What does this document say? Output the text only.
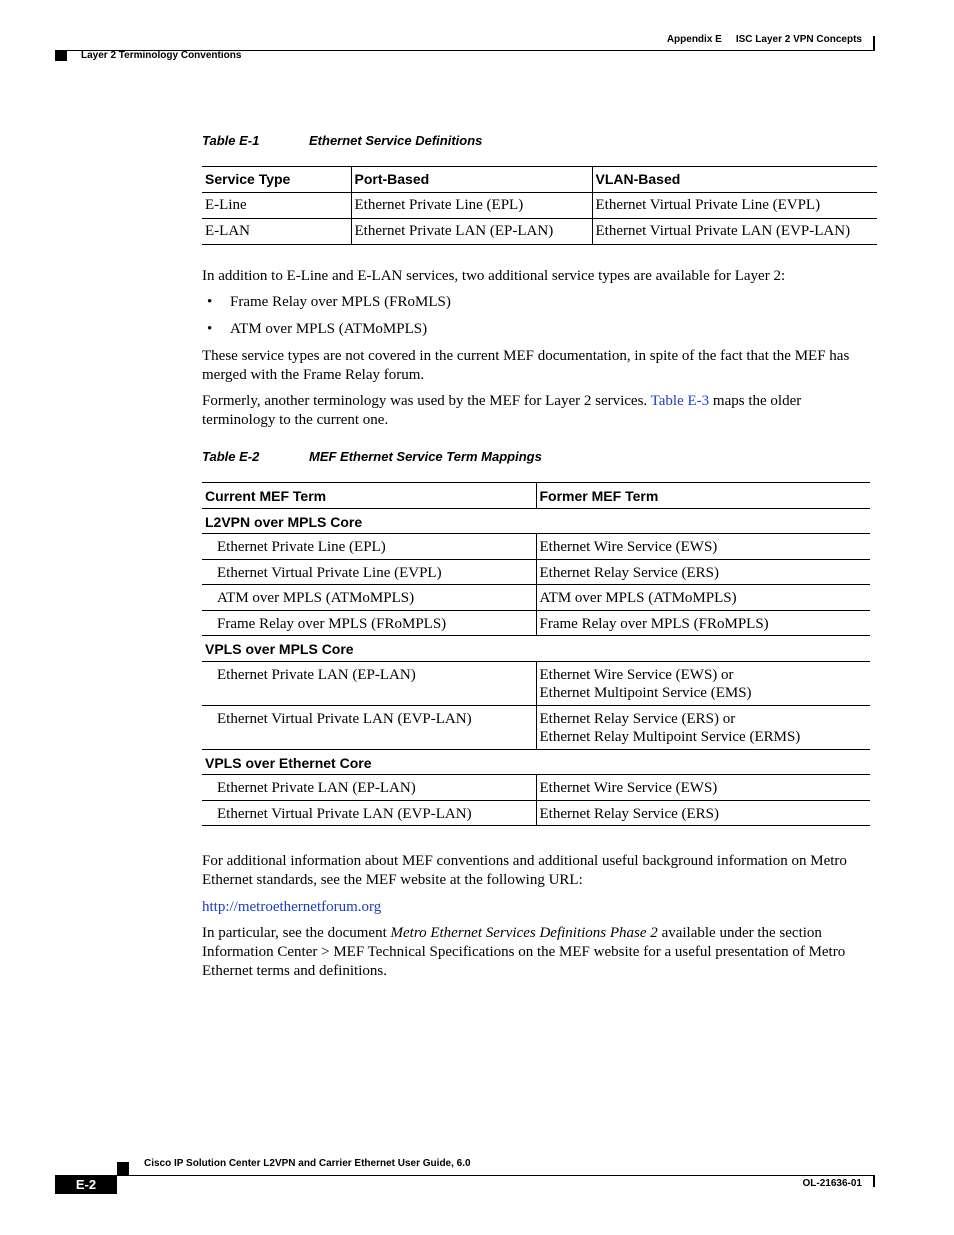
Appendix E ISC Layer 2 VPN Concepts
Layer 2 Terminology Conventions
Table E-1	Ethernet Service Definitions
Service Type	Port-Based	VLAN-Based
E-Line	Ethernet Private Line (EPL)	Ethernet Virtual Private Line (EVPL)
E-LAN	Ethernet Private LAN (EP-LAN)	Ethernet Virtual Private LAN (EVP-LAN)

In addition to E-Line and E-LAN services, two additional service types are available for Layer 2:

• Frame Relay over MPLS (FRoMLS)
• ATM over MPLS (ATMoMPLS)

These service types are not covered in the current MEF documentation, in spite of the fact that the MEF has merged with the Frame Relay forum.

Formerly, another terminology was used by the MEF for Layer 2 services. Table E-3 maps the older terminology to the current one.

Table E-2	MEF Ethernet Service Term Mappings
Current MEF Term	Former MEF Term
L2VPN over MPLS Core	
Ethernet Private Line (EPL)	Ethernet Wire Service (EWS)
Ethernet Virtual Private Line (EVPL)	Ethernet Relay Service (ERS)
ATM over MPLS (ATMoMPLS)	ATM over MPLS (ATMoMPLS)
Frame Relay over MPLS (FRoMPLS)	Frame Relay over MPLS (FRoMPLS)
VPLS over MPLS Core	
Ethernet Private LAN (EP-LAN)	Ethernet Wire Service (EWS) or
Ethernet Multipoint Service (EMS)

Ethernet Virtual Private LAN (EVP-LAN)	Ethernet Relay Service (ERS) or
Ethernet Relay Multipoint Service (ERMS)

VPLS over Ethernet Core	
Ethernet Private LAN (EP-LAN)	Ethernet Wire Service (EWS)
Ethernet Virtual Private LAN (EVP-LAN)	Ethernet Relay Service (ERS)

For additional information about MEF conventions and additional useful background information on Metro Ethernet standards, see the MEF website at the following URL:

http://metroethernetforum.org

In particular, see the document Metro Ethernet Services Definitions Phase 2 available under the section Information Center > MEF Technical Specifications on the MEF website for a useful presentation of Metro Ethernet terms and definitions.

Cisco IP Solution Center L2VPN and Carrier Ethernet User Guide, 6.0
E-2	OL-21636-01
